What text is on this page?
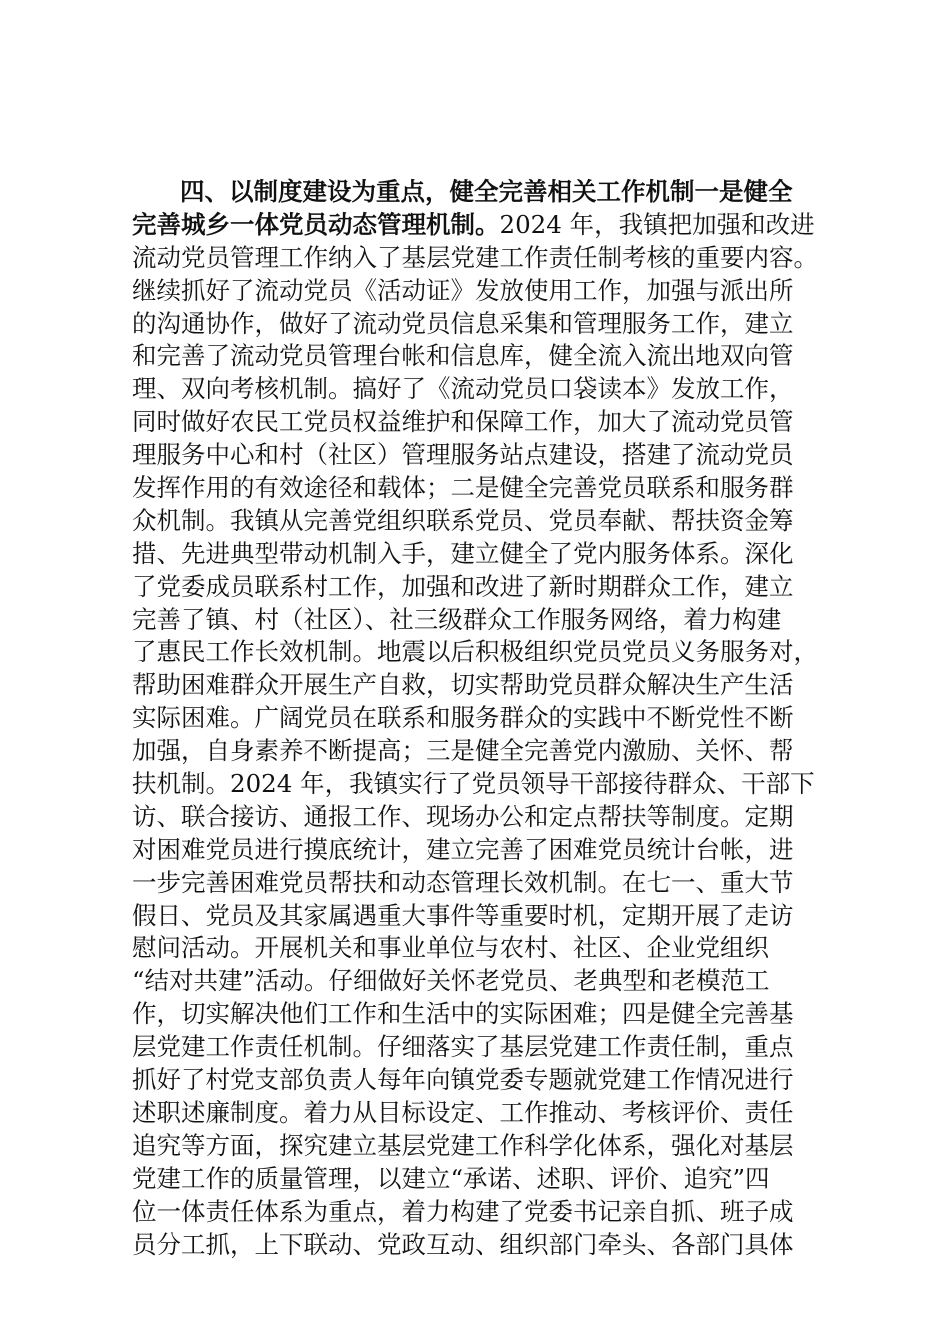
四、以制度建设为重点，健全完善相关工作机制一是健全
完善城乡一体党员动态管理机制。2024 年，我镇把加强和改进
流动党员管理工作纳入了基层党建工作责任制考核的重要内容。
继续抓好了流动党员《活动证》发放使用工作，加强与派出所
的沟通协作，做好了流动党员信息采集和管理服务工作，建立
和完善了流动党员管理台帐和信息库，健全流入流出地双向管
理、双向考核机制。搞好了《流动党员口袋读本》发放工作，
同时做好农民工党员权益维护和保障工作，加大了流动党员管
理服务中心和村（社区）管理服务站点建设，搭建了流动党员
发挥作用的有效途径和载体；二是健全完善党员联系和服务群
众机制。我镇从完善党组织联系党员、党员奉献、帮扶资金筹
措、先进典型带动机制入手，建立健全了党内服务体系。深化
了党委成员联系村工作，加强和改进了新时期群众工作，建立
完善了镇、村（社区）、社三级群众工作服务网络，着力构建
了惠民工作长效机制。地震以后积极组织党员党员义务服务对，
帮助困难群众开展生产自救，切实帮助党员群众解决生产生活
实际困难。广阔党员在联系和服务群众的实践中不断党性不断
加强，自身素养不断提高；三是健全完善党内激励、关怀、帮
扶机制。2024 年，我镇实行了党员领导干部接待群众、干部下
访、联合接访、通报工作、现场办公和定点帮扶等制度。定期
对困难党员进行摸底统计，建立完善了困难党员统计台帐，进
一步完善困难党员帮扶和动态管理长效机制。在七一、重大节
假日、党员及其家属遇重大事件等重要时机，定期开展了走访
慰问活动。开展机关和事业单位与农村、社区、企业党组织
“结对共建”活动。仔细做好关怀老党员、老典型和老模范工
作，切实解决他们工作和生活中的实际困难；四是健全完善基
层党建工作责任机制。仔细落实了基层党建工作责任制，重点
抓好了村党支部负责人每年向镇党委专题就党建工作情况进行
述职述廉制度。着力从目标设定、工作推动、考核评价、责任
追究等方面，探究建立基层党建工作科学化体系，强化对基层
党建工作的质量管理，以建立“承诺、述职、评价、追究”四
位一体责任体系为重点，着力构建了党委书记亲自抓、班子成
员分工抓，上下联动、党政互动、组织部门牵头、各部门具体
